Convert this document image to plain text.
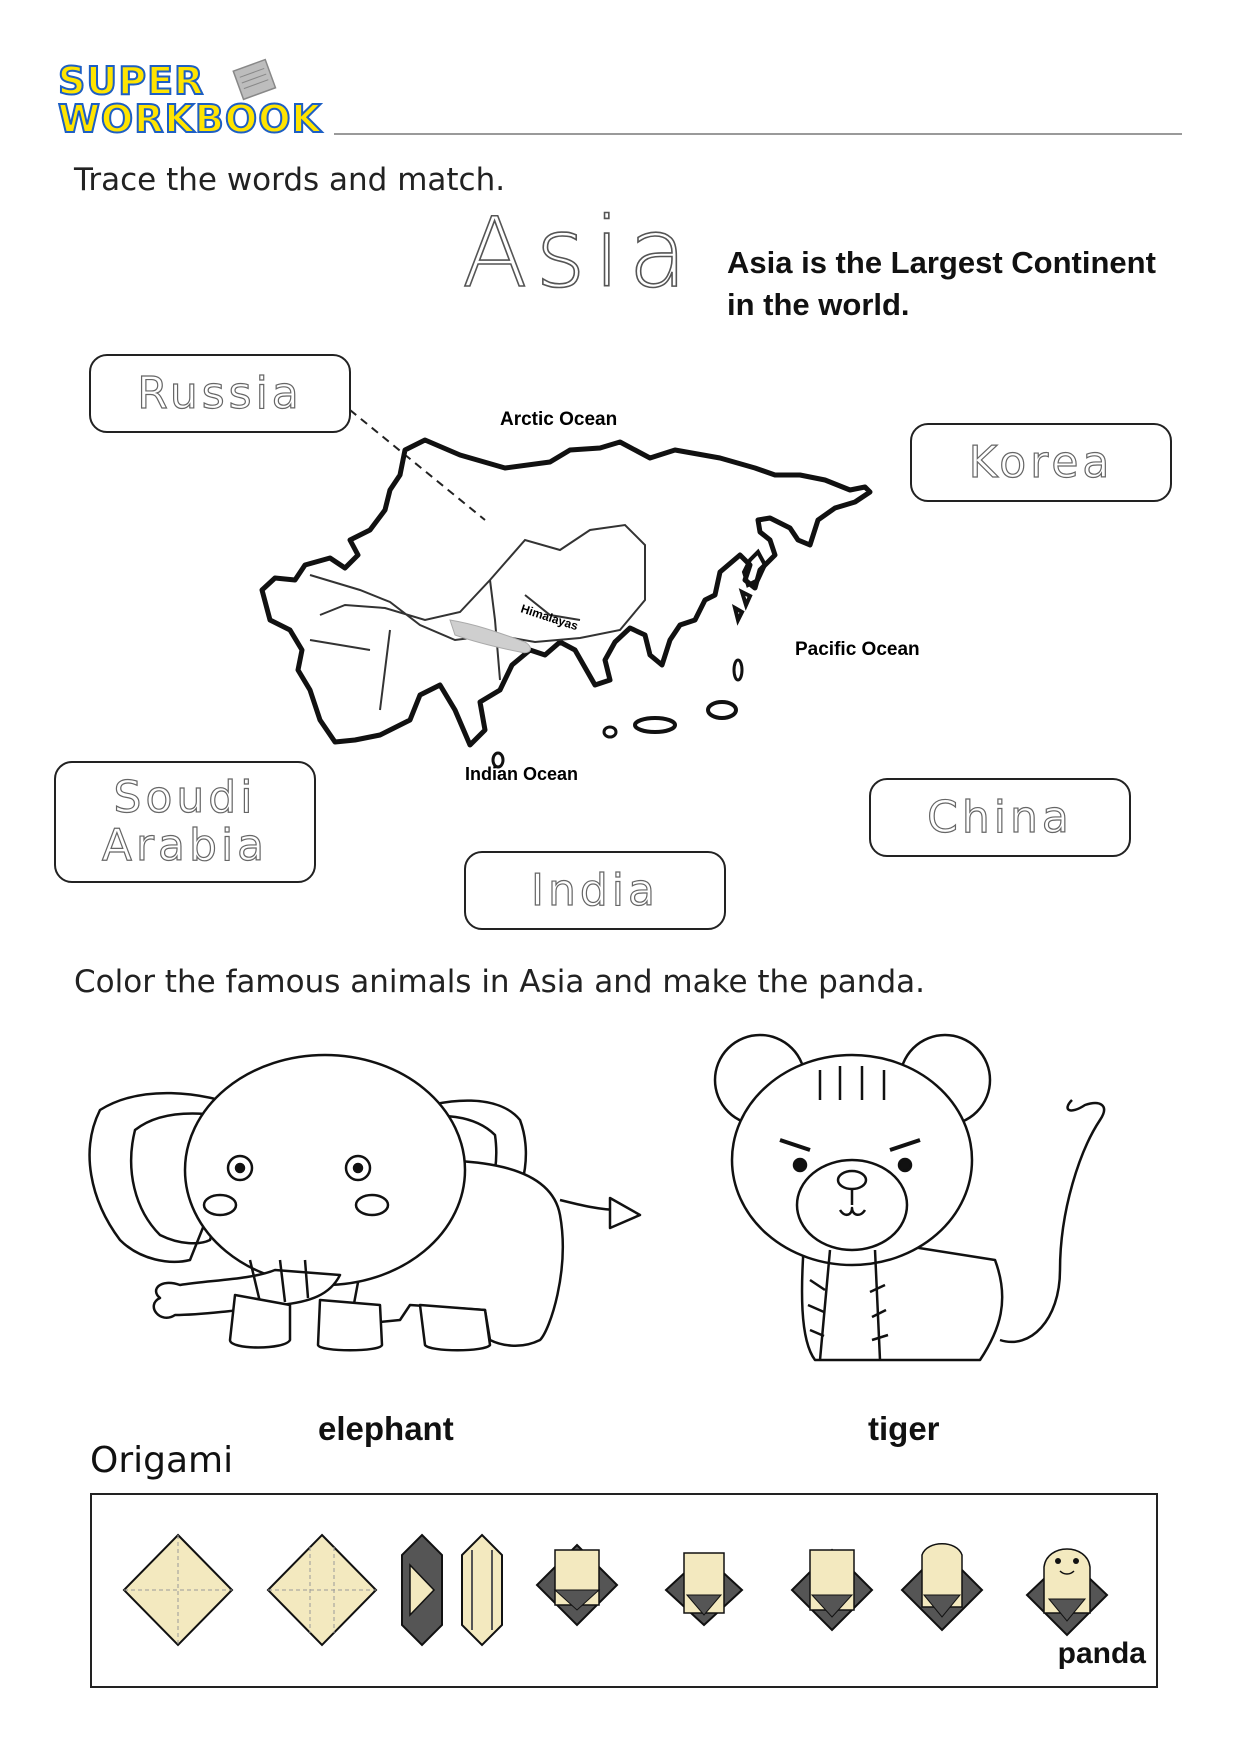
SUPER
WORKBOOK
Trace the words and match.
Asia Asia is the Largest Continent
in the world.
Russia
Korea
Soudi
Arabia
China
India
Arctic Ocean
Pacific Ocean
Indian Ocean
Himalayas
Color the famous animals in Asia and make the panda.
elephant	tiger
Origami
panda
